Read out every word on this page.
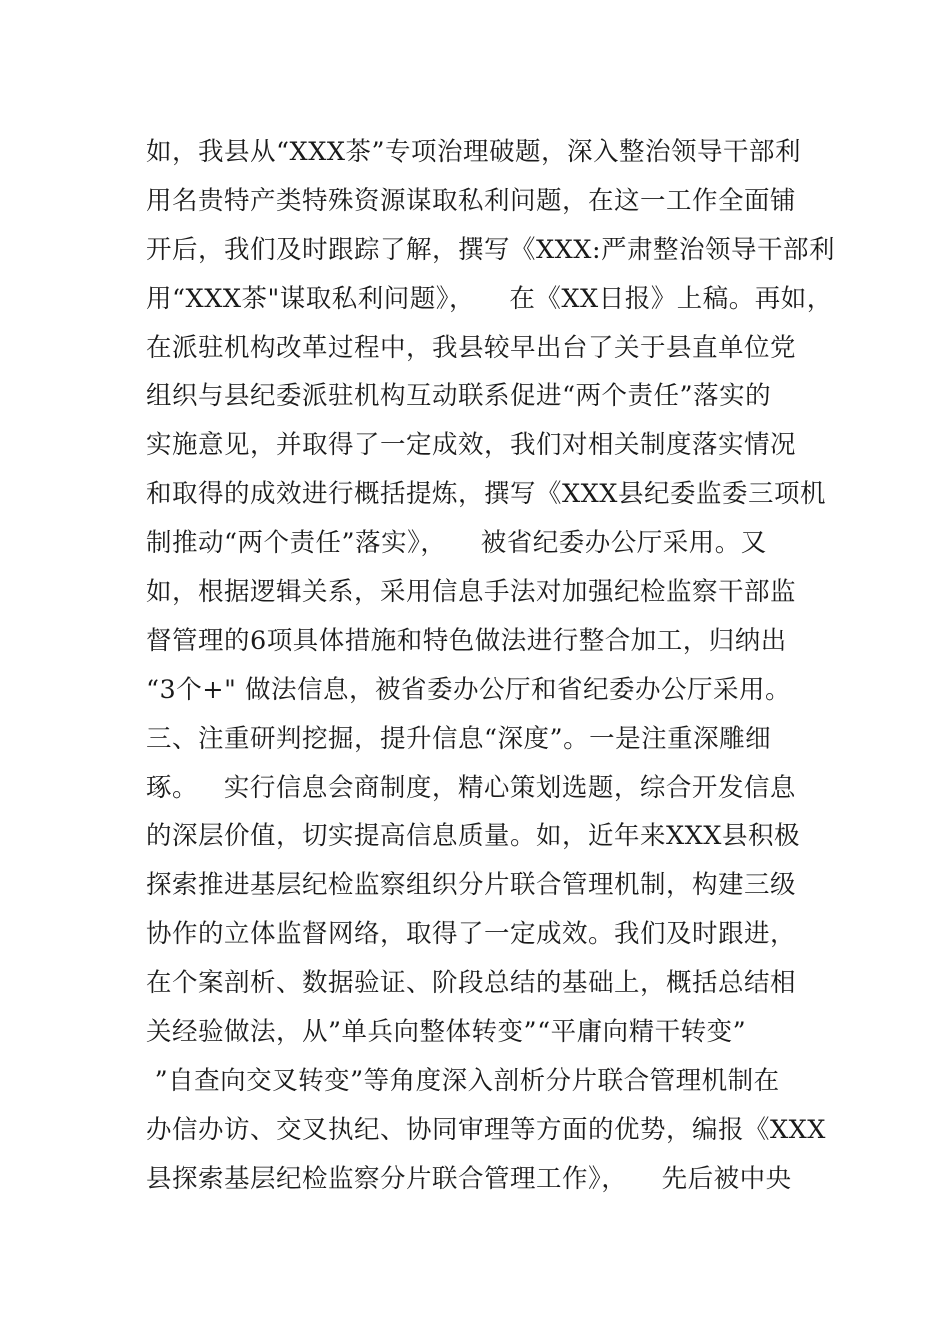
如，我县从“XXX茶”专项治理破题，深入整治领导干部利
用名贵特产类特殊资源谋取私利问题，在这一工作全面铺
开后，我们及时跟踪了解，撰写《XXX:严肃整治领导干部利
用“XXX茶"谋取私利问题》，    在《XX日报》上稿。再如，
在派驻机构改革过程中，我县较早出台了关于县直单位党
组织与县纪委派驻机构互动联系促进“两个责任”落实的
实施意见，并取得了一定成效，我们对相关制度落实情况
和取得的成效进行概括提炼，撰写《XXX县纪委监委三项机
制推动“两个责任”落实》，    被省纪委办公厅采用。又
如，根据逻辑关系，采用信息手法对加强纪检监察干部监
督管理的6项具体措施和特色做法进行整合加工，归纳出
“3个+" 做法信息，被省委办公厅和省纪委办公厅采用。
三、注重研判挖掘，提升信息“深度”。一是注重深雕细
琢。   实行信息会商制度，精心策划选题，综合开发信息
的深层价值，切实提高信息质量。如，近年来XXX县积极
探索推进基层纪检监察组织分片联合管理机制，构建三级
协作的立体监督网络，取得了一定成效。我们及时跟进，
在个案剖析、数据验证、阶段总结的基础上，概括总结相
关经验做法，从”单兵向整体转变”“平庸向精干转变”
”自查向交叉转变”等角度深入剖析分片联合管理机制在
办信办访、交叉执纪、协同审理等方面的优势，编报《XXX
县探索基层纪检监察分片联合管理工作》，    先后被中央
